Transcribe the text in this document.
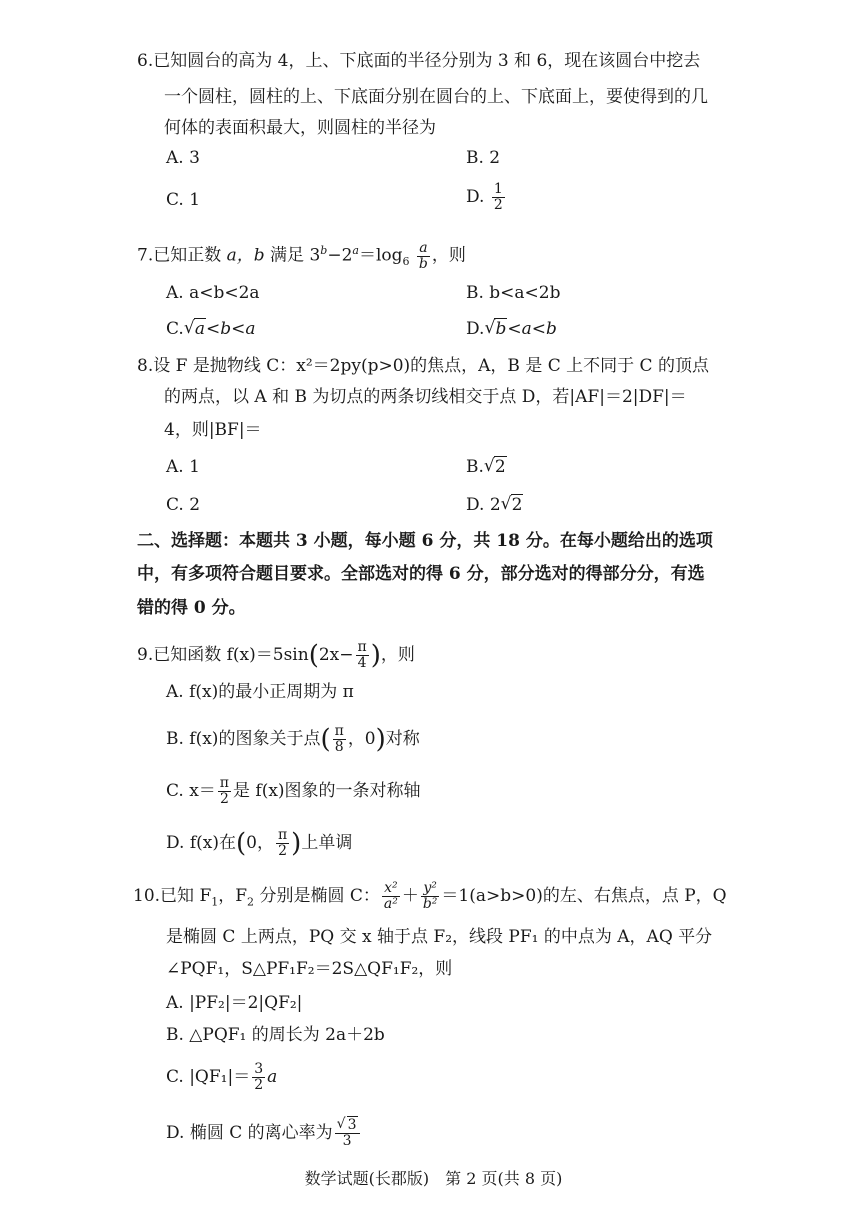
6.已知圆台的高为 4，上、下底面的半径分别为 3 和 6，现在该圆台中挖去
一个圆柱，圆柱的上、下底面分别在圆台的上、下底面上，要使得到的几
何体的表面积最大，则圆柱的半径为
A. 3	B. 2
C. 1	D. $\frac{1}{2}$
7.已知正数 a，b 满足 $3^b-2^a=\log_6 \frac{a}{b}$ ，则
A. a<b<2a	B. b<a<2b
C. √ a<b<a	D. √ b<a<b
8.设 F 是抛物线 C：x²＝2py(p>0)的焦点，A，B 是 C 上不同于 C 的顶点
的两点，以 A 和 B 为切点的两条切线相交于点 D，若|AF|＝2|DF|＝
4，则|BF|＝
A. 1	B. √ 2
C. 2	D. 2 √ 2
二、选择题：本题共 3 小题，每小题 6 分，共 18 分。在每小题给出的选项
中，有多项符合题目要求。全部选对的得 6 分，部分选对的得部分分，有选
错的得 0 分。
9.已知函数 $f(x)=5\sin(2x- \frac{\pi}{4}$ )，则
A. f(x)的最小正周期为 π
B. f(x)的图象关于点( $\frac{\pi}{8}$ ，0)对称
C. $x= \frac{\pi}{2}$ 是 f(x)图象的一条对称轴
D. f(x)在(0， $\frac{\pi}{2}$ )上单调
10.已知 $F_1$，$F_2$ 分别是椭圆 C： $\frac{\text{x²}}{\text{a²}} + \frac{\text{y²}}{\text{b²}} =1(a>b>0)$的左、右焦点，点 P，Q
是椭圆 C 上两点，PQ 交 x 轴于点 F₂，线段 PF₁ 的中点为 A，AQ 平分
∠PQF₁，S△PF₁F₂＝2S△QF₁F₂，则
A. |PF₂|＝2|QF₂|
B. △PQF₁ 的周长为 2a＋2b
C. $|QF_1|= \frac{3}{2}$ a
D. 椭圆 C 的离心率为 √ $\frac{3}{3}$
数学试题(长郡版)　第 2 页(共 8 页)
